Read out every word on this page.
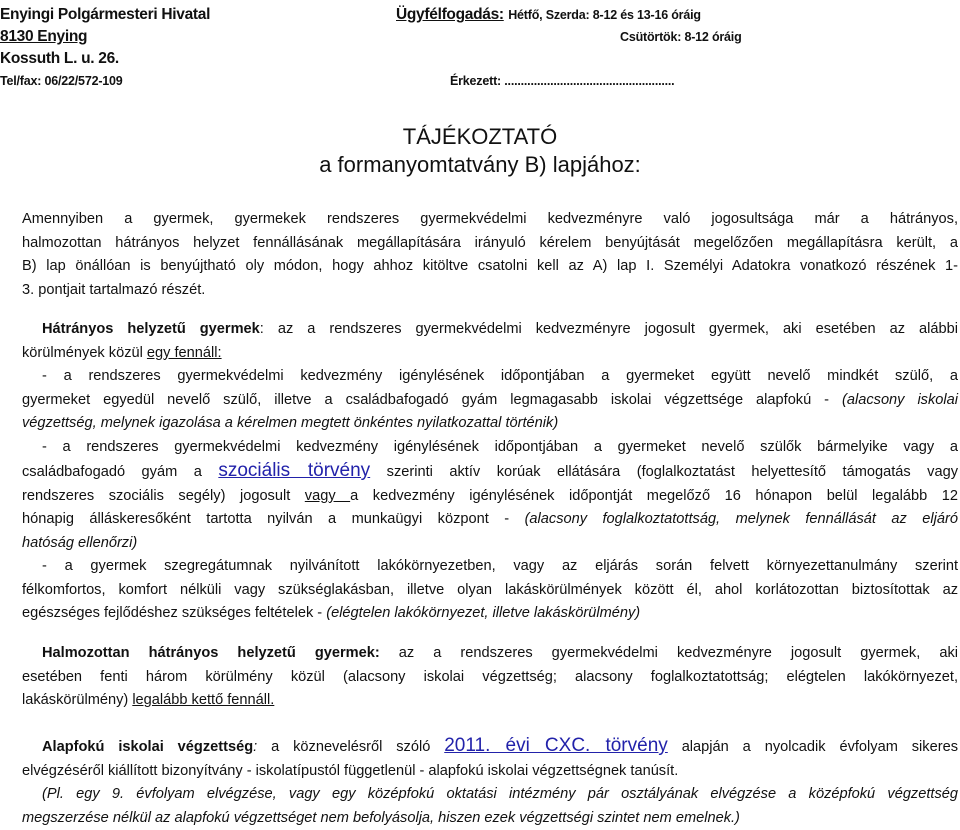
Enyingi Polgármesteri Hivatal
8130 Enying
Kossuth L. u. 26.
Tel/fax: 06/22/572-109
Ügyfélfogadás: Hétfő, Szerda: 8-12 és 13-16 óráig
Csütörtök: 8-12 óráig
Érkezett: ....................................................
TÁJÉKOZTATÓ
a formanyomtatvány B) lapjához:
Amennyiben a gyermek, gyermekek rendszeres gyermekvédelmi kedvezményre való jogosultsága már a hátrányos,
halmozottan hátrányos helyzet fennállásának megállapítására irányuló kérelem benyújtását megelőzően megállapításra került, a
B) lap önállóan is benyújtható oly módon, hogy ahhoz kitöltve csatolni kell az A) lap I. Személyi Adatokra vonatkozó részének 1-
3. pontjait tartalmazó részét.
Hátrányos helyzetű gyermek: az a rendszeres gyermekvédelmi kedvezményre jogosult gyermek, aki esetében az alábbi
körülmények közül egy fennáll:
- a rendszeres gyermekvédelmi kedvezmény igénylésének időpontjában a gyermeket együtt nevelő mindkét szülő, a
gyermeket egyedül nevelő szülő, illetve a családbafogadó gyám legmagasabb iskolai végzettsége alapfokú - (alacsony iskolai
végzettség, melynek igazolása a kérelmen megtett önkéntes nyilatkozattal történik)
- a rendszeres gyermekvédelmi kedvezmény igénylésének időpontjában a gyermeket nevelő szülők bármelyike vagy a
családbafogadó gyám a szociális törvény szerinti aktív korúak ellátására (foglalkoztatást helyettesítő támogatás vagy
rendszeres szociális segély) jogosult vagy a kedvezmény igénylésének időpontját megelőző 16 hónapon belül legalább 12
hónapig álláskeresőként tartotta nyilván a munkaügyi központ - (alacsony foglalkoztatottság, melynek fennállását az eljáró
hatóság ellenőrzi)
- a gyermek szegregátumnak nyilvánított lakókörnyezetben, vagy az eljárás során felvett környezettanulmány szerint
félkomfortos, komfort nélküli vagy szükséglakásban, illetve olyan lakáskörülmények között él, ahol korlátozottan biztosítottak az
egészséges fejlődéshez szükséges feltételek - (elégtelen lakókörnyezet, illetve lakáskörülmény)
Halmozottan hátrányos helyzetű gyermek: az a rendszeres gyermekvédelmi kedvezményre jogosult gyermek, aki
esetében fenti három körülmény közül (alacsony iskolai végzettség; alacsony foglalkoztatottság; elégtelen lakókörnyezet,
lakáskörülmény) legalább kettő fennáll.
Alapfokú iskolai végzettség: a köznevelésről szóló 2011. évi CXC. törvény alapján a nyolcadik évfolyam sikeres
elvégzéséről kiállított bizonyítvány - iskolatípustól függetlenül - alapfokú iskolai végzettségnek tanúsít.
(Pl. egy 9. évfolyam elvégzése, vagy egy középfokú oktatási intézmény pár osztályának elvégzése a középfokú végzettség
megszerzése nélkül az alapfokú végzettséget nem befolyásolja, hiszen ezek végzettségi szintet nem emelnek.)
